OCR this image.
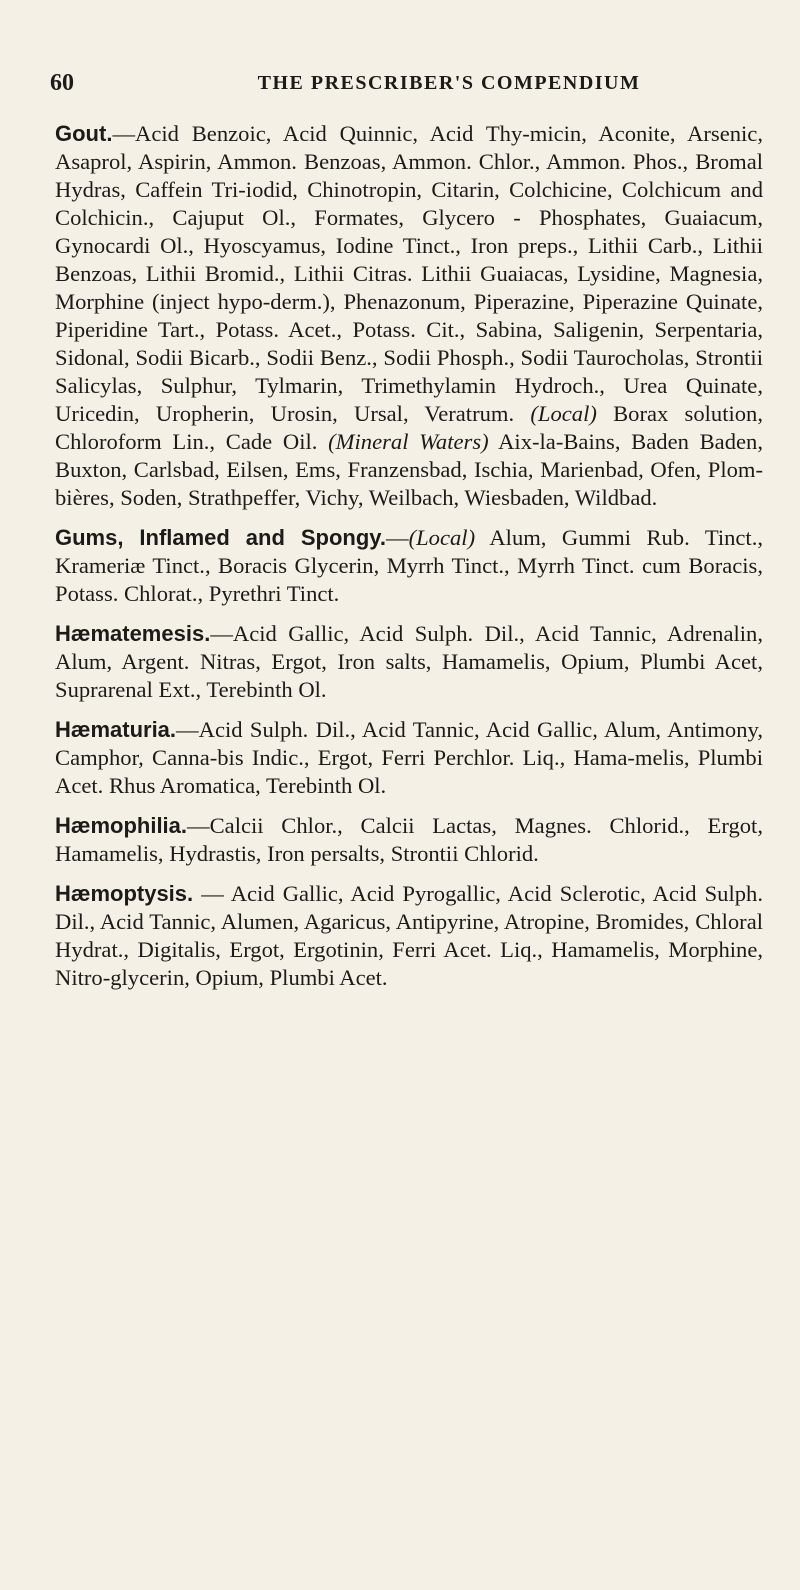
60	THE PRESCRIBER'S COMPENDIUM

Gout.—Acid Benzoic, Acid Quinnic, Acid Thy-micin, Aconite, Arsenic, Asaprol, Aspirin, Ammon. Benzoas, Ammon. Chlor., Ammon. Phos., Bromal Hydras, Caffein Tri-iodid, Chinotropin, Citarin, Colchicine, Colchicum and Colchicin., Cajuput Ol., Formates, Glycero - Phosphates, Guaiacum, Gynocardi Ol., Hyoscyamus, Iodine Tinct., Iron preps., Lithii Carb., Lithii Benzoas, Lithii Bromid., Lithii Citras. Lithii Guaiacas, Lysidine, Magnesia, Morphine (inject hypo-derm.), Phenazonum, Piperazine, Piperazine Quinate, Piperidine Tart., Potass. Acet., Potass. Cit., Sabina, Saligenin, Serpentaria, Sidonal, Sodii Bicarb., Sodii Benz., Sodii Phosph., Sodii Taurocholas, Strontii Salicylas, Sulphur, Tylmarin, Trimethylamin Hydroch., Urea Quinate, Uricedin, Uropherin, Urosin, Ursal, Veratrum. (Local) Borax solution, Chloroform Lin., Cade Oil. (Mineral Waters) Aix-la-Bains, Baden Baden, Buxton, Carlsbad, Eilsen, Ems, Franzensbad, Ischia, Marienbad, Ofen, Plom-bières, Soden, Strathpeffer, Vichy, Weilbach, Wiesbaden, Wildbad.

Gums, Inflamed and Spongy.—(Local) Alum, Gummi Rub. Tinct., Krameriæ Tinct., Boracis Glycerin, Myrrh Tinct., Myrrh Tinct. cum Boracis, Potass. Chlorat., Pyrethri Tinct.

Hæmatemesis.—Acid Gallic, Acid Sulph. Dil., Acid Tannic, Adrenalin, Alum, Argent. Nitras, Ergot, Iron salts, Hamamelis, Opium, Plumbi Acet, Suprarenal Ext., Terebinth Ol.

Hæmaturia.—Acid Sulph. Dil., Acid Tannic, Acid Gallic, Alum, Antimony, Camphor, Canna-bis Indic., Ergot, Ferri Perchlor. Liq., Hama-melis, Plumbi Acet. Rhus Aromatica, Terebinth Ol.

Hæmophilia.—Calcii Chlor., Calcii Lactas, Magnes. Chlorid., Ergot, Hamamelis, Hydrastis, Iron persalts, Strontii Chlorid.

Hæmoptysis. — Acid Gallic, Acid Pyrogallic, Acid Sclerotic, Acid Sulph. Dil., Acid Tannic, Alumen, Agaricus, Antipyrine, Atropine, Bromides, Chloral Hydrat., Digitalis, Ergot, Ergotinin, Ferri Acet. Liq., Hamamelis, Morphine, Nitro-glycerin, Opium, Plumbi Acet.
